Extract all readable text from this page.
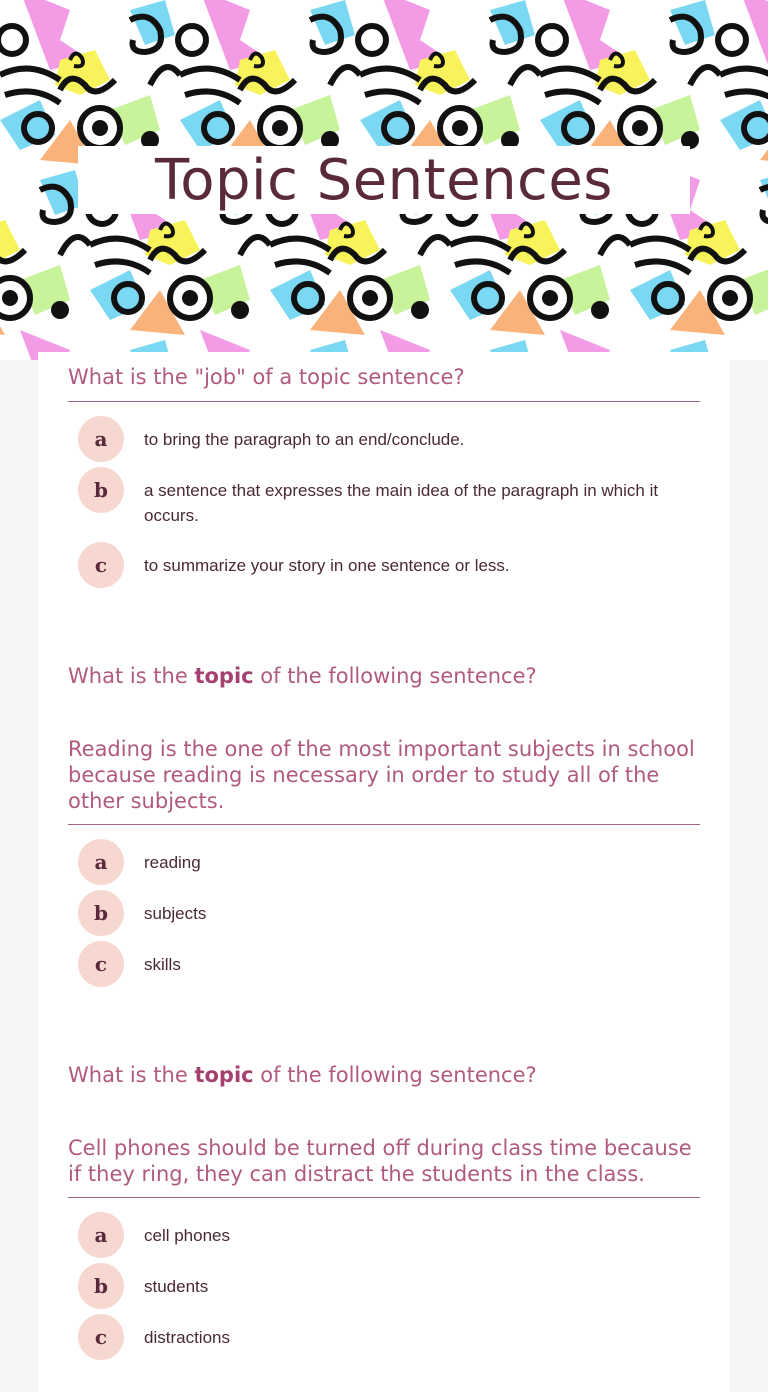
Topic Sentences
What is the "job" of a topic sentence?
a	to bring the paragraph to an end/conclude.
b	a sentence that expresses the main idea of the paragraph in which it occurs.
c	to summarize your story in one sentence or less.
What is the topic of the following sentence?
Reading is the one of the most important subjects in school because reading is necessary in order to study all of the other subjects.
a	reading
b	subjects
c	skills
What is the topic of the following sentence?
Cell phones should be turned off during class time because if they ring, they can distract the students in the class.
a	cell phones
b	students
c	distractions
